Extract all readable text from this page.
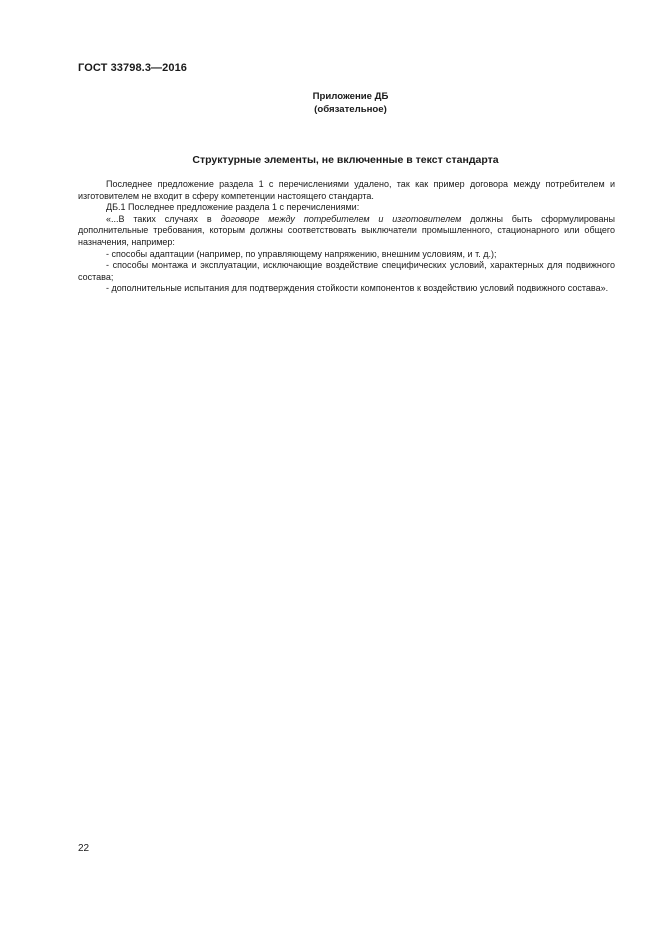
ГОСТ 33798.3—2016
Приложение ДБ
(обязательное)
Структурные элементы, не включенные в текст стандарта

Последнее предложение раздела 1 с перечислениями удалено, так как пример договора между потребителем и изготовителем не входит в сферу компетенции настоящего стандарта.

ДБ.1 Последнее предложение раздела 1 с перечислениями:

«...В таких случаях в договоре между потребителем и изготовителем должны быть сформулированы дополнительные требования, которым должны соответствовать выключатели промышленного, стационарного или общего назначения, например:

- способы адаптации (например, по управляющему напряжению, внешним условиям, и т. д.);

- способы монтажа и эксплуатации, исключающие воздействие специфических условий, характерных для подвижного состава;

- дополнительные испытания для подтверждения стойкости компонентов к воздействию условий подвижного состава».

22
